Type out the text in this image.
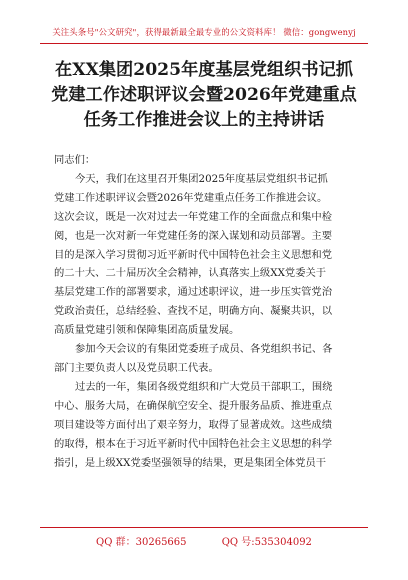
关注头条号"公文研究"，获得最新最全最专业的公文资料库！ 微信：gongwenyj
在XX集团2025年度基层党组织书记抓
党建工作述职评议会暨2026年党建重点
任务工作推进会议上的主持讲话
同志们：
今天，我们在这里召开集团2025年度基层党组织书记抓
党建工作述职评议会暨2026年党建重点任务工作推进会议。
这次会议，既是一次对过去一年党建工作的全面盘点和集中检
阅，也是一次对新一年党建任务的深入谋划和动员部署。主要
目的是深入学习贯彻习近平新时代中国特色社会主义思想和党
的二十大、二十届历次全会精神，认真落实上级XX党委关于
基层党建工作的部署要求，通过述职评议，进一步压实管党治
党政治责任，总结经验、查找不足，明确方向、凝聚共识，以
高质量党建引领和保障集团高质量发展。
参加今天会议的有集团党委班子成员、各党组织书记、各
部门主要负责人以及党员职工代表。
过去的一年，集团各级党组织和广大党员干部职工，围绕
中心、服务大局，在确保航空安全、提升服务品质、推进重点
项目建设等方面付出了艰辛努力，取得了显著成效。这些成绩
的取得，根本在于习近平新时代中国特色社会主义思想的科学
指引，是上级XX党委坚强领导的结果，更是集团全体党员干
QQ 群：30265665	QQ 号:535304092
